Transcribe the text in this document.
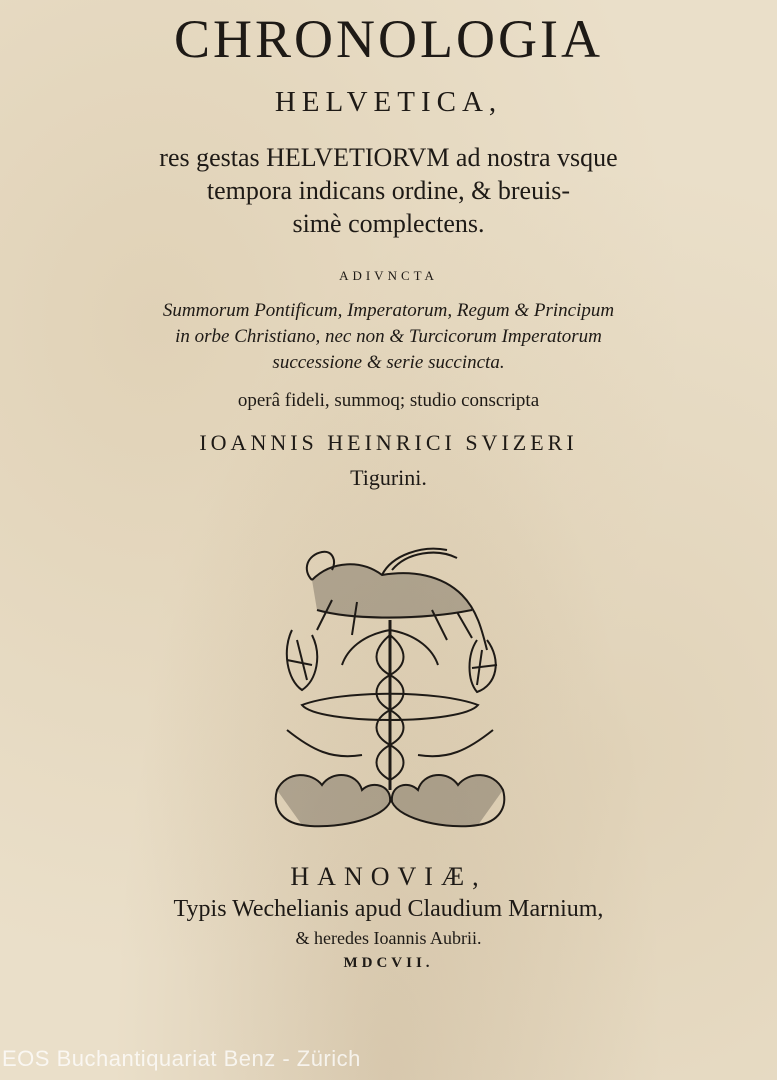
CHRONOLOGIA
HELVETICA,
res gestas HELVETIORVM ad nostra vsque
tempora indicans ordine, & breuis-
simè complectens.
ADIVNCTA
Summorum Pontificum, Imperatorum, Regum & Principum
in orbe Christiano, nec non & Turcicorum Imperatorum
successione & serie succincta.
operâ fideli, summoq; studio conscripta
IOANNIS HEINRICI SVIZERI
Tigurini.
HANOVIÆ,
Typis Wechelianis apud Claudium Marnium,
& heredes Ioannis Aubrii.
MDCVII.
EOS Buchantiquariat Benz - Zürich
